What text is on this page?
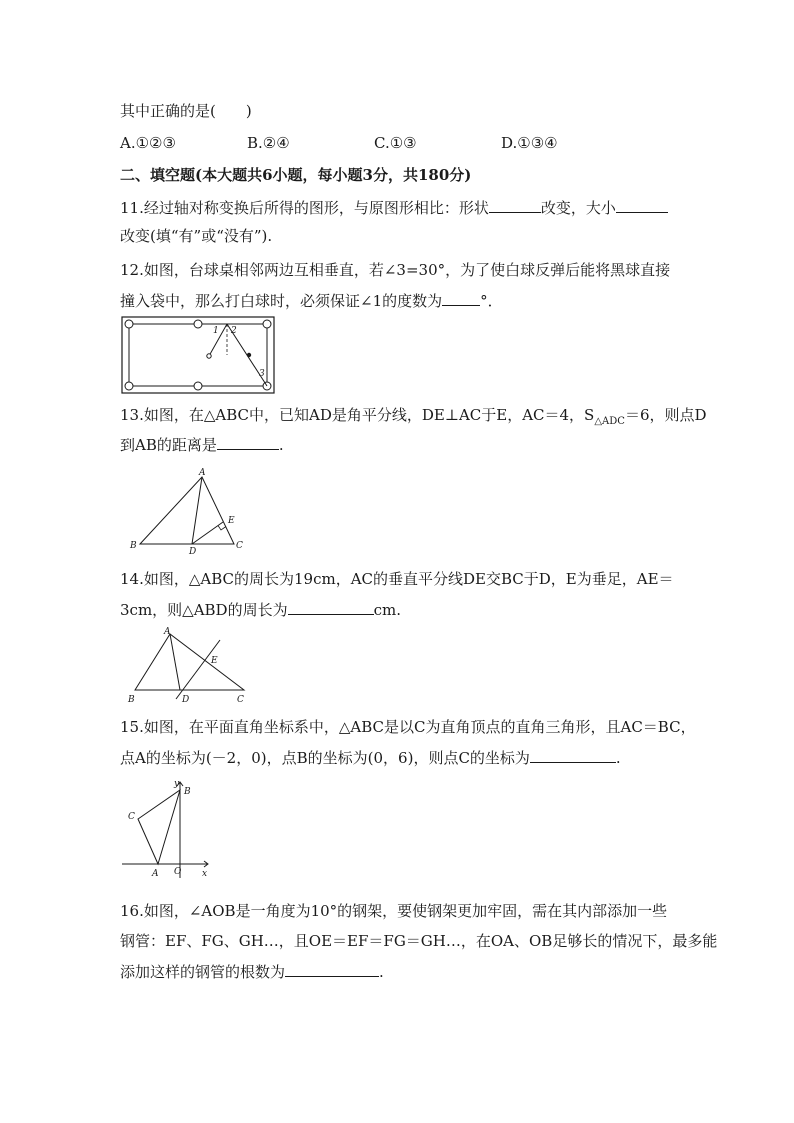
其中正确的是(　　)
A.①②③	B.②④	C.①③	D.①③④
二、填空题(本大题共6小题，每小题3分，共180分)
11.经过轴对称变换后所得的图形，与原图形相比：形状	改变，大小
改变(填“有”或“没有”).
12.如图，台球桌相邻两边互相垂直，若∠3=30°，为了使白球反弹后能将黑球直接
撞入袋中，那么打白球时，必须保证∠1的度数为	°．
1 2
3
13.如图，在△ABC中，已知AD是角平分线，DE⊥AC于E，AC＝4，$S_{\triangle ADC}=6$，则点D
到AB的距离是	.
A
B	C
D
E
14.如图，△ABC的周长为19cm，AC的垂直平分线DE交BC于D，E为垂足，AE＝
3cm，则△ABD的周长为	cm.
A
B	C
D
E
15.如图，在平面直角坐标系中，△ABC是以C为直角顶点的直角三角形，且AC＝BC，
点A的坐标为(－2，0)，点B的坐标为(0，6)，则点C的坐标为	.
y
B
C
A O x
16.如图，∠AOB是一角度为10°的钢架，要使钢架更加牢固，需在其内部添加一些
钢管：EF、FG、GH…，且OE＝EF＝FG＝GH…，在OA、OB足够长的情况下，最多能
添加这样的钢管的根数为	.
